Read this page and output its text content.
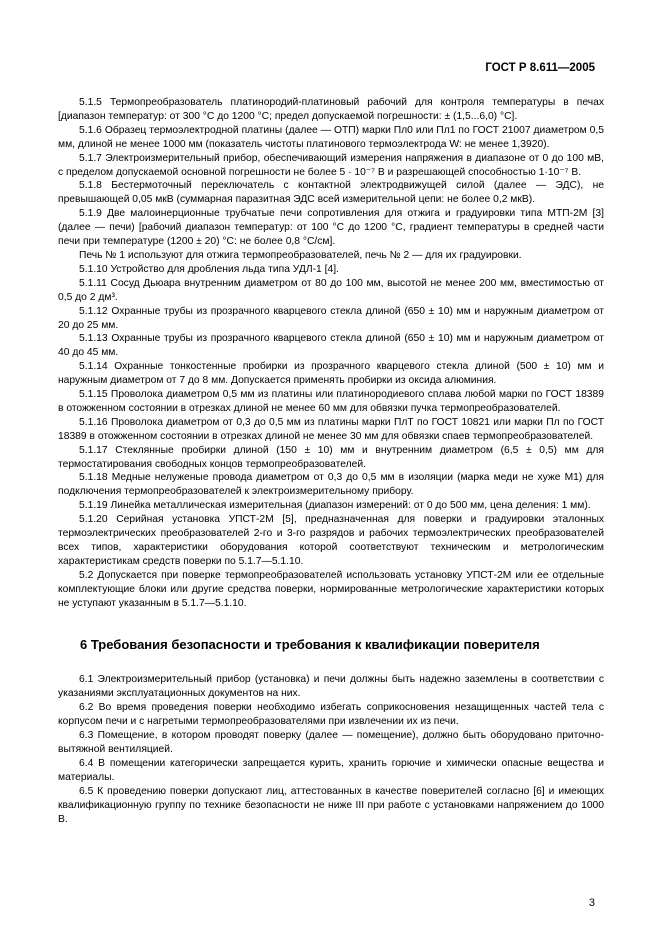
ГОСТ Р 8.611—2005

5.1.5 Термопреобразователь платинородий-платиновый рабочий для контроля температуры в печах [диапазон температур: от 300 °С до 1200 °С; предел допускаемой погрешности: ± (1,5...6,0) °С].

5.1.6 Образец термоэлектродной платины (далее — ОТП) марки Пл0 или Пл1 по ГОСТ 21007 диаметром 0,5 мм, длиной не менее 1000 мм (показатель чистоты платинового термоэлектрода W: не менее 1,3920).

5.1.7 Электроизмерительный прибор, обеспечивающий измерения напряжения в диапазоне от 0 до 100 мВ, с пределом допускаемой основной погрешности не более 5 · 10⁻⁷ В и разрешающей способностью 1·10⁻⁷ В.

5.1.8 Бестермоточный переключатель с контактной электродвижущей силой (далее — ЭДС), не превышающей 0,05 мкВ (суммарная паразитная ЭДС всей измерительной цепи: не более 0,2 мкВ).

5.1.9 Две малоинерционные трубчатые печи сопротивления для отжига и градуировки типа МТП-2М [3] (далее — печи) [рабочий диапазон температур: от 100 °С до 1200 °С, градиент температуры в средней части печи при температуре (1200 ± 20) °С: не более 0,8 °С/см].

Печь № 1 используют для отжига термопреобразователей, печь № 2 — для их градуировки.

5.1.10 Устройство для дробления льда типа УДЛ-1 [4].

5.1.11 Сосуд Дьюара внутренним диаметром от 80 до 100 мм, высотой не менее 200 мм, вместимостью от 0,5 до 2 дм³.

5.1.12 Охранные трубы из прозрачного кварцевого стекла длиной (650 ± 10) мм и наружным диаметром от 20 до 25 мм.

5.1.13 Охранные трубы из прозрачного кварцевого стекла длиной (650 ± 10) мм и наружным диаметром от 40 до 45 мм.

5.1.14 Охранные тонкостенные пробирки из прозрачного кварцевого стекла длиной (500 ± 10) мм и наружным диаметром от 7 до 8 мм. Допускается применять пробирки из оксида алюминия.

5.1.15 Проволока диаметром 0,5 мм из платины или платинородиевого сплава любой марки по ГОСТ 18389 в отожженном состоянии в отрезках длиной не менее 60 мм для обвязки пучка термопреобразователей.

5.1.16 Проволока диаметром от 0,3 до 0,5 мм из платины марки ПлТ по ГОСТ 10821 или марки Пл по ГОСТ 18389 в отожженном состоянии в отрезках длиной не менее 30 мм для обвязки спаев термопреобразователей.

5.1.17 Стеклянные пробирки длиной (150 ± 10) мм и внутренним диаметром (6,5 ± 0,5) мм для термостатирования свободных концов термопреобразователей.

5.1.18 Медные нелуженые провода диаметром от 0,3 до 0,5 мм в изоляции (марка меди не хуже М1) для подключения термопреобразователей к электроизмерительному прибору.

5.1.19 Линейка металлическая измерительная (диапазон измерений: от 0 до 500 мм, цена деления: 1 мм).

5.1.20 Серийная установка УПСТ-2М [5], предназначенная для поверки и градуировки эталонных термоэлектрических преобразователей 2-го и 3-го разрядов и рабочих термоэлектрических преобразователей всех типов, характеристики оборудования которой соответствуют техническим и метрологическим характеристикам средств поверки по 5.1.7—5.1.10.

5.2 Допускается при поверке термопреобразователей использовать установку УПСТ-2М или ее отдельные комплектующие блоки или другие средства поверки, нормированные метрологические характеристики которых не уступают указанным в 5.1.7—5.1.10.

6 Требования безопасности и требования к квалификации поверителя

6.1 Электроизмерительный прибор (установка) и печи должны быть надежно заземлены в соответствии с указаниями эксплуатационных документов на них.

6.2 Во время проведения поверки необходимо избегать соприкосновения незащищенных частей тела с корпусом печи и с нагретыми термопреобразователями при извлечении их из печи.

6.3 Помещение, в котором проводят поверку (далее — помещение), должно быть оборудовано приточно-вытяжной вентиляцией.

6.4 В помещении категорически запрещается курить, хранить горючие и химически опасные вещества и материалы.

6.5 К проведению поверки допускают лиц, аттестованных в качестве поверителей согласно [6] и имеющих квалификационную группу по технике безопасности не ниже III при работе с установками напряжением до 1000 В.

3
